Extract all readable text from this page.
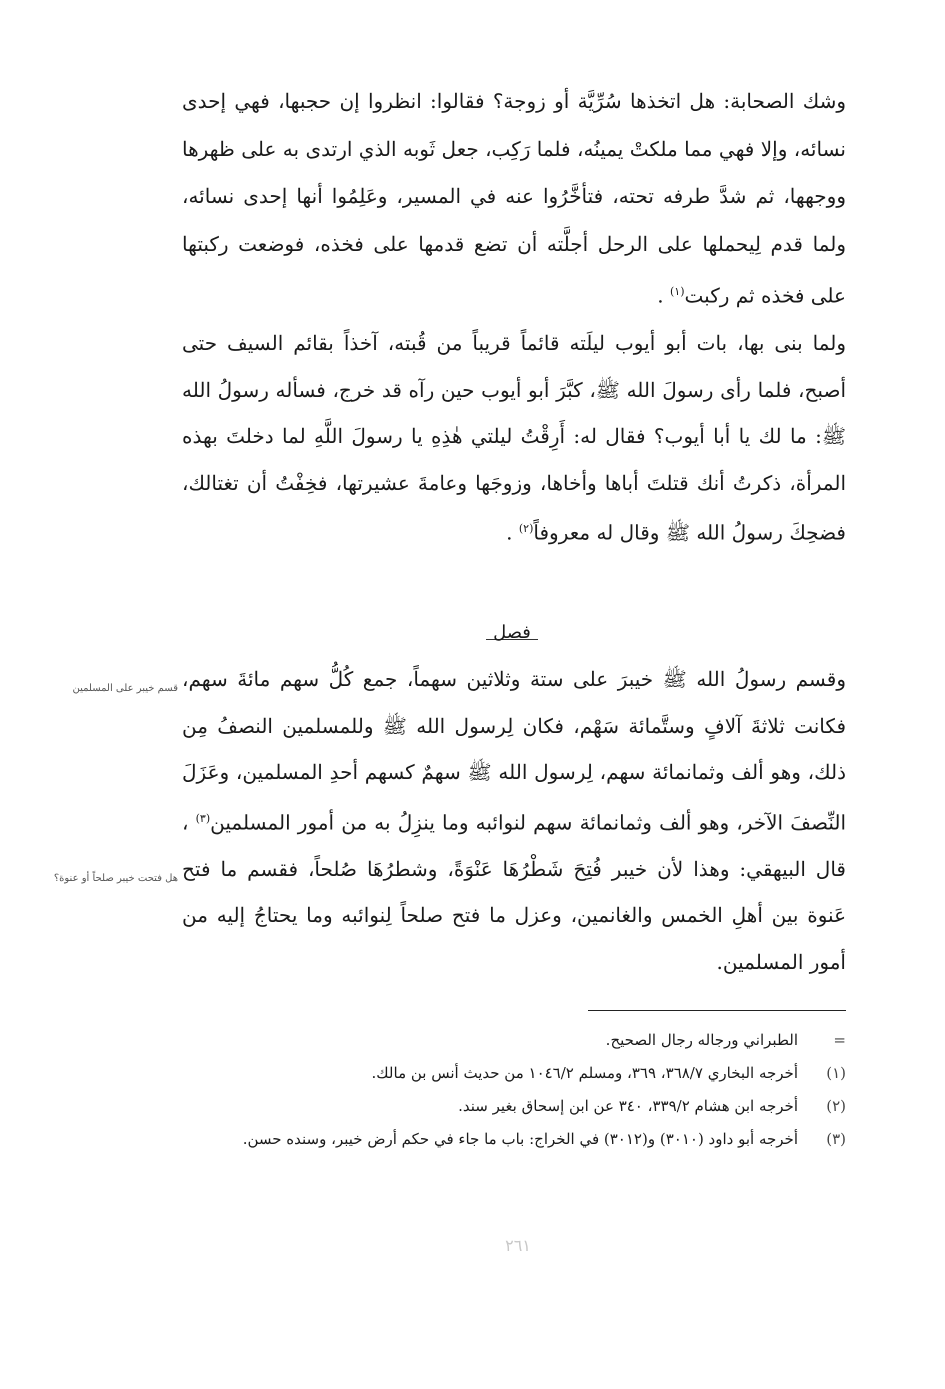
وشك الصحابة: هل اتخذها سُرِّيَّة أو زوجة؟ فقالوا: انظروا إن حجبها، فهي إحدى نسائه، وإلا فهي مما ملكتْ يمينُه، فلما رَكِب، جعل ثَوبه الذي ارتدى به على ظهرها ووجهها، ثم شدَّ طرفه تحته، فتأخَّرُوا عنه في المسير، وعَلِمُوا أنها إحدى نسائه، ولما قدم لِيحملها على الرحل أجلَّته أن تضع قدمها على فخذه، فوضعت ركبتها على فخذه ثم ركبت$^{(١)}$ .

ولما بنى بها، بات أبو أيوب ليلَته قائماً قريباً من قُبته، آخذاً بقائم السيف حتى أصبح، فلما رأى رسولَ الله ﷺ، كبَّرَ أبو أيوب حين رآه قد خرج، فسأله رسولُ الله ﷺ: ما لك يا أبا أيوب؟ فقال له: أَرِقْتُ ليلتي هٰذِهِ يا رسولَ اللَّهِ لما دخلتَ بهذه المرأة، ذكرتُ أنك قتلتَ أباها وأخاها، وزوجَها وعامةَ عشيرتها، فخِفْتُ أن تغتالك، فضحِكَ رسولُ الله ﷺ وقال له معروفاً$^{(٢)}$ .

فصل

وقسم رسولُ الله ﷺ خيبرَ على ستة وثلاثين سهماً، جمع كُلُّ سهم مائةَ سهم، فكانت ثلاثةَ آلافٍ وستَّمائة سَهْم، فكان لِرسول الله ﷺ وللمسلمين النصفُ مِن ذلك، وهو ألف وثمانمائة سهم، لِرسول الله ﷺ سهمٌ كسهم أحدِ المسلمين، وعَزَلَ النِّصفَ الآخر، وهو ألف وثمانمائة سهم لنوائبه وما ينزِلُ به من أمور المسلمين$^{(٣)}$ ، قال البيهقي: وهذا لأن خيبر فُتِحَ شَطْرُهَا عَنْوَةً، وشطرُهَا صُلحاً، فقسم ما فتح عَنوة بين أهلِ الخمس والغانمين، وعزل ما فتح صلحاً لِنوائبه وما يحتاجُ إليه من أمور المسلمين.

قسم خيبر على المسلمين
هل فتحت خيبر صلحاً أو عنوة؟
=
الطبراني ورجاله رجال الصحيح.
(١)
أخرجه البخاري ٣٦٨/٧، ٣٦٩، ومسلم ١٠٤٦/٢ من حديث أنس بن مالك.
(٢)
أخرجه ابن هشام ٣٣٩/٢، ٣٤٠ عن ابن إسحاق بغير سند.
(٣)
أخرجه أبو داود (٣٠١٠) و(٣٠١٢) في الخراج: باب ما جاء في حكم أرض خيبر، وسنده حسن.
٢٦١
